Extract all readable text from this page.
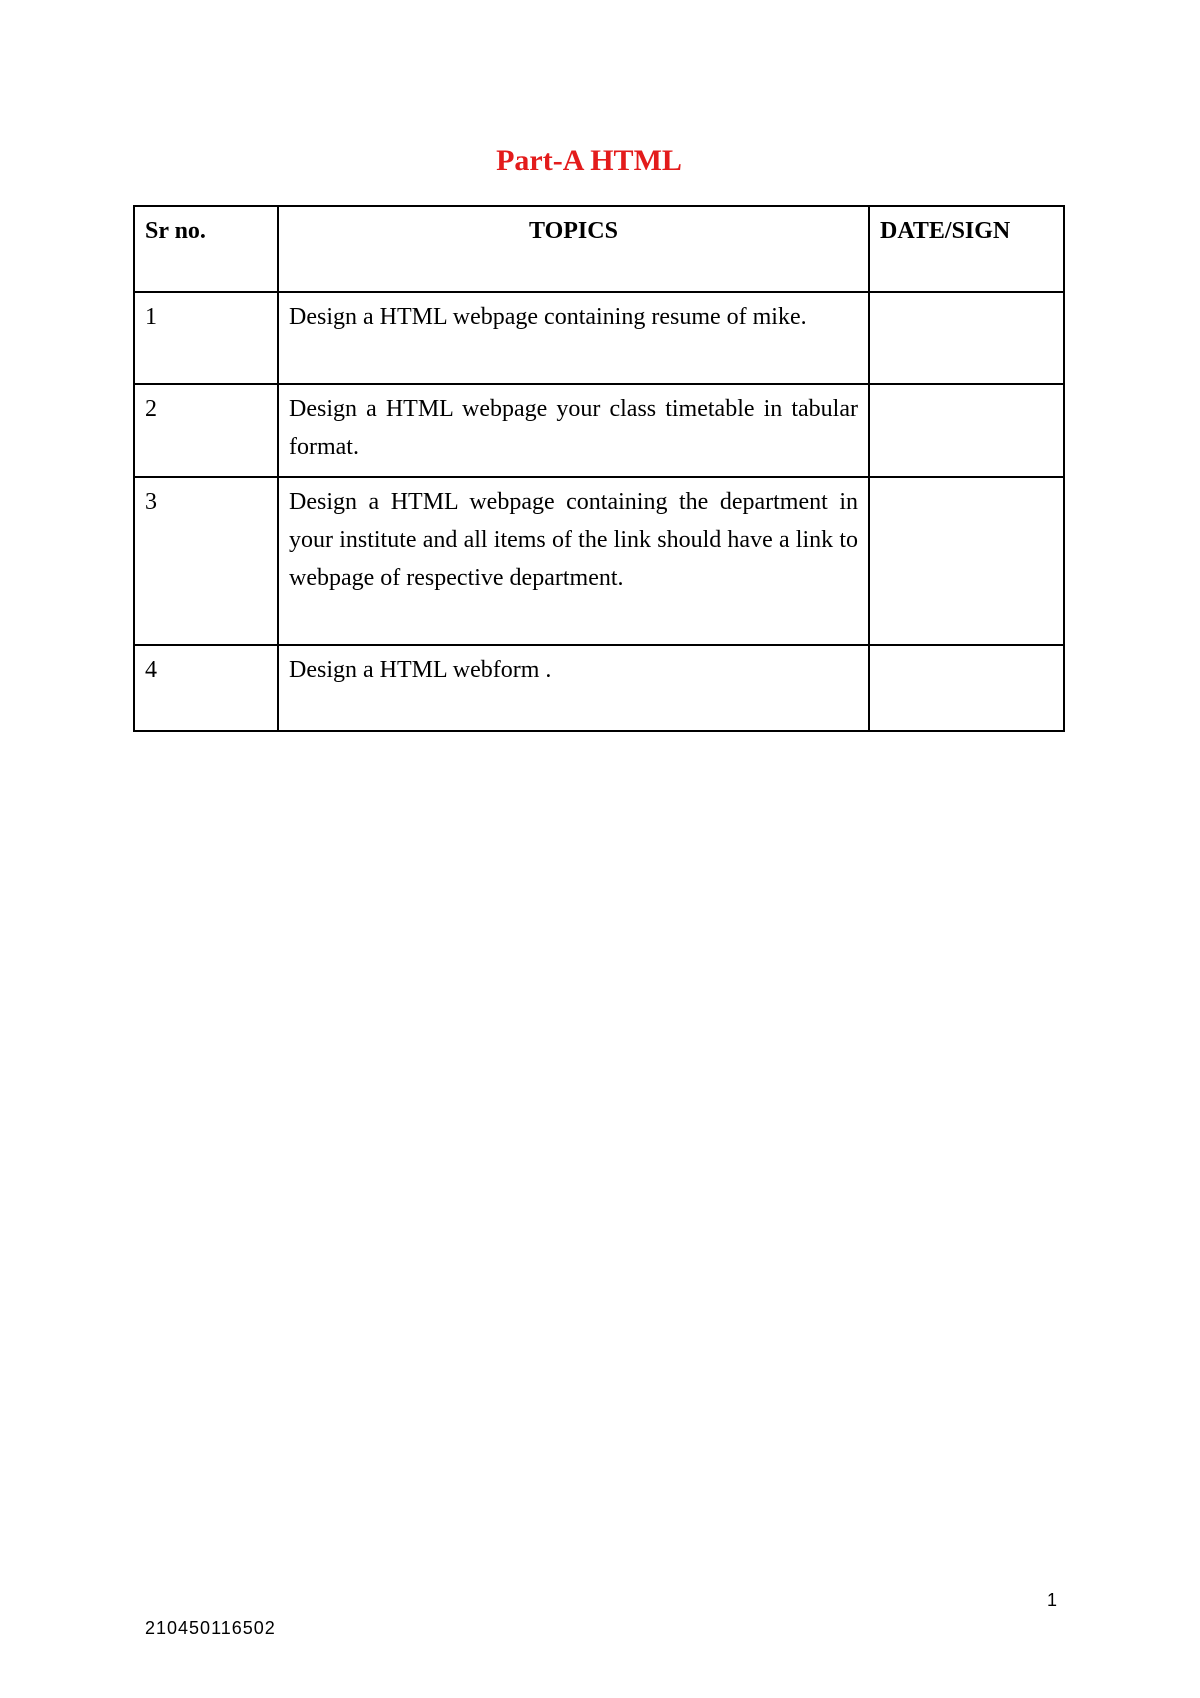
Part-A HTML
Sr no.	TOPICS	DATE/SIGN
1	Design a HTML webpage containing resume of mike.	
2	Design a HTML webpage your class timetable in tabular format.	
3	Design a HTML webpage containing the department in your institute and all items of the link should have a link to webpage of respective department.	
4	Design a HTML webform .	
1
210450116502
